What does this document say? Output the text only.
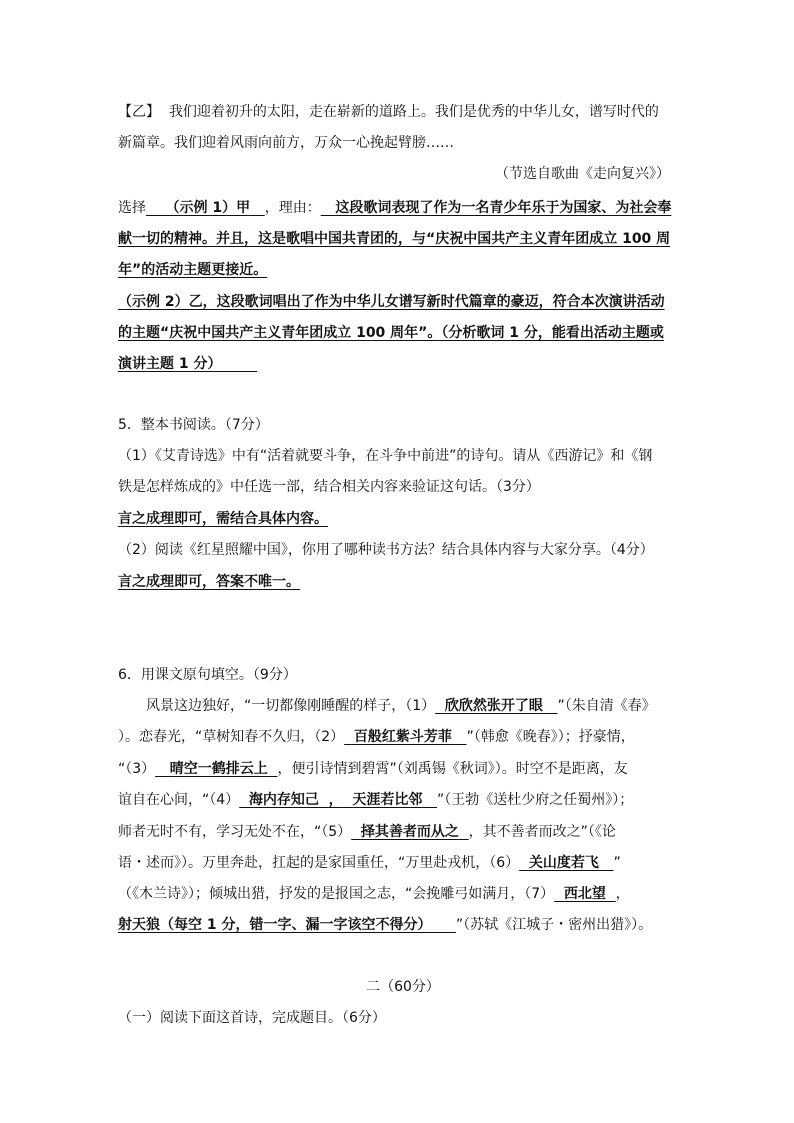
【乙】 我们迎着初升的太阳，走在崭新的道路上。我们是优秀的中华儿女，谱写时代的
新篇章。我们迎着风雨向前方，万众一心挽起臂膀……
（节选自歌曲《走向复兴》）
选择 （示例 1）甲 ，理由： 这段歌词表现了作为一名青少年乐于为国家、为社会奉
献一切的精神。并且，这是歌唱中国共青团的，与“庆祝中国共产主义青年团成立 100 周
年”的活动主题更接近。
（示例 2）乙，这段歌词唱出了作为中华儿女谱写新时代篇章的豪迈，符合本次演讲活动
的主题“庆祝中国共产主义青年团成立 100 周年”。（分析歌词 1 分，能看出活动主题或
演讲主题 1 分）
5．整本书阅读。（7分）
（1）《艾青诗选》中有“活着就要斗争，在斗争中前进”的诗句。请从《西游记》和《钢
铁是怎样炼成的》中任选一部，结合相关内容来验证这句话。（3分）
言之成理即可，需结合具体内容。
（2）阅读《红星照耀中国》，你用了哪种读书方法？结合具体内容与大家分享。（4分）
言之成理即可，答案不唯一。
6．用课文原句填空。（9分）
风景这边独好，“一切都像刚睡醒的样子，（1） 欣欣然张开了眼 ”（朱自清《春》
）。恋春光，“草树知春不久归，（2） 百般红紫斗芳菲 ”（韩愈《晚春》）；抒豪情，
“（3） 晴空一鹤排云上 ，便引诗情到碧霄”（刘禹锡《秋词》）。时空不是距离，友
谊自在心间，“（4） 海内存知己 ， 天涯若比邻 ”（王勃《送杜少府之任蜀州》）；
师者无时不有，学习无处不在，“（5） 择其善者而从之 ，其不善者而改之”（《论
语・述而》）。万里奔赴，扛起的是家国重任，“万里赴戎机，（6） 关山度若飞 ”
（《木兰诗》）；倾城出猎，抒发的是报国之志，“会挽雕弓如满月，（7） 西北望 ，
射天狼（每空 1 分，错一字、漏一字该空不得分） ”（苏轼《江城子・密州出猎》）。
二（60分）
（一）阅读下面这首诗，完成题目。（6分）
